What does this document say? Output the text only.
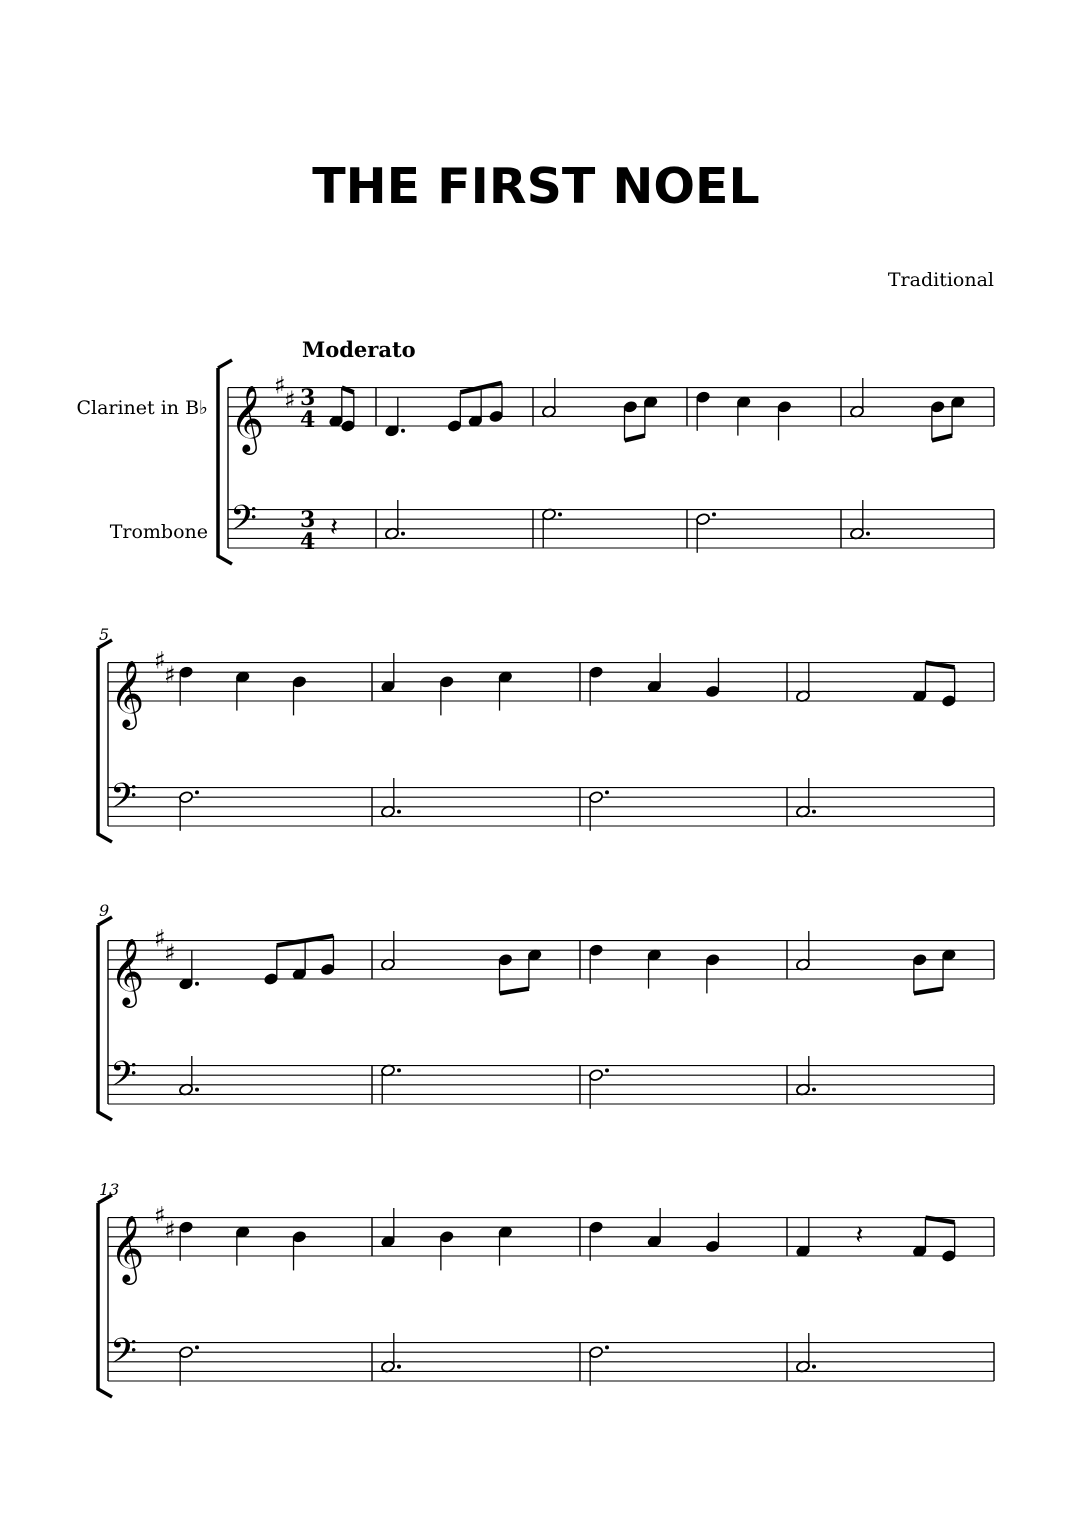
THE FIRST NOEL
Traditional
Moderato
Clarinet in B♭
Trombone
5
9
13
𝄞
𝄢
♯
♯ 3
4
3
4 𝄽
𝄞
𝄢
♯
♯
𝄞
𝄢
♯
♯
𝄞
𝄢
♯
♯	𝄽
